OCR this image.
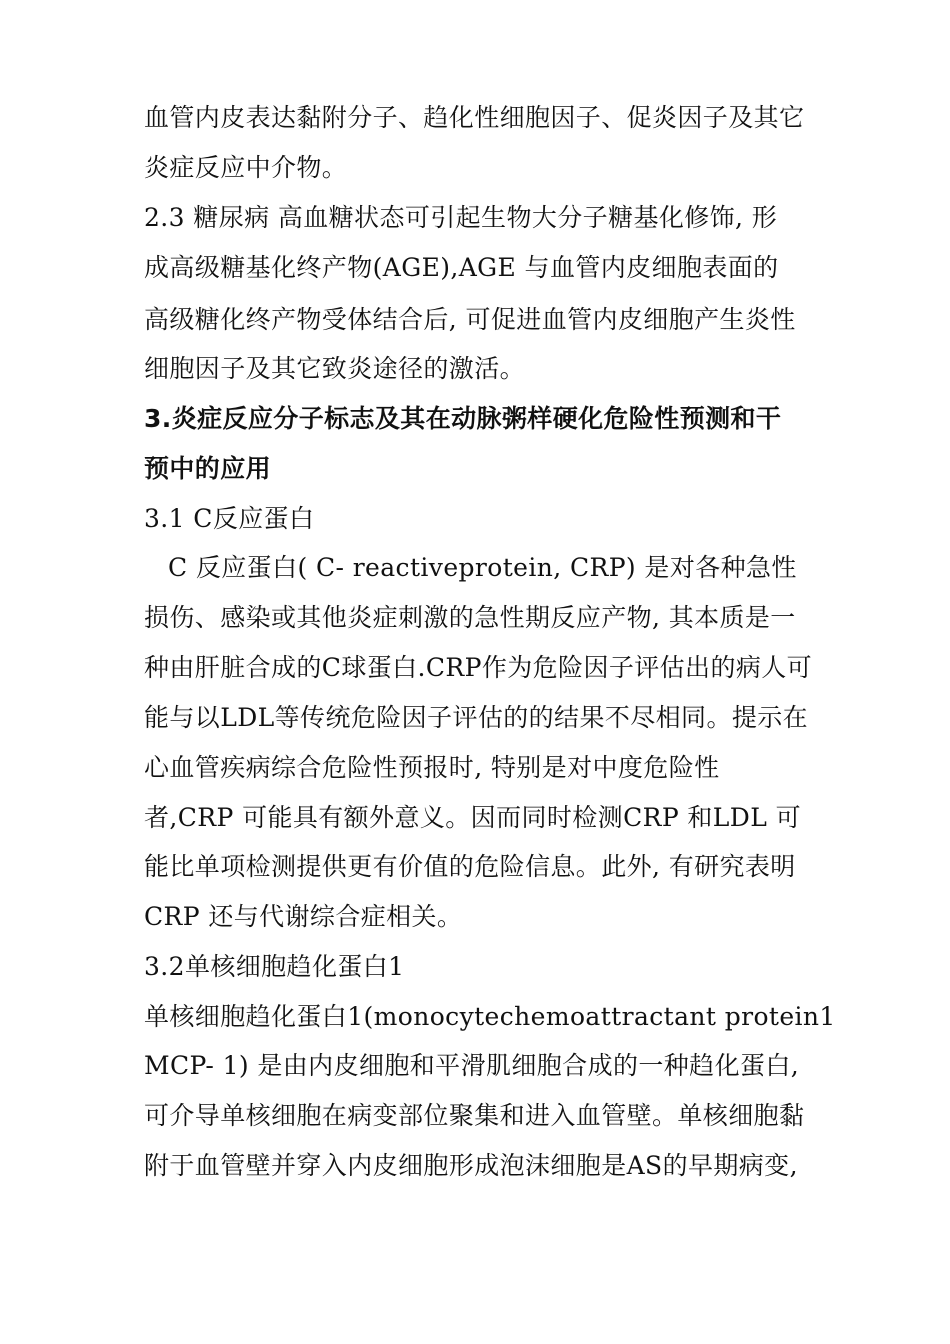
血管内皮表达黏附分子、趋化性细胞因子、促炎因子及其它
炎症反应中介物。
2.3 糖尿病 高血糖状态可引起生物大分子糖基化修饰, 形
成高级糖基化终产物(AGE),AGE 与血管内皮细胞表面的
高级糖化终产物受体结合后, 可促进血管内皮细胞产生炎性
细胞因子及其它致炎途径的激活。
3.炎症反应分子标志及其在动脉粥样硬化危险性预测和干
预中的应用
3.1 C反应蛋白
C 反应蛋白( C- reactiveprotein, CRP) 是对各种急性
损伤、感染或其他炎症刺激的急性期反应产物, 其本质是一
种由肝脏合成的C球蛋白.CRP作为危险因子评估出的病人可
能与以LDL等传统危险因子评估的的结果不尽相同。提示在
心血管疾病综合危险性预报时, 特别是对中度危险性
者,CRP 可能具有额外意义。因而同时检测CRP 和LDL 可
能比单项检测提供更有价值的危险信息。此外, 有研究表明
CRP 还与代谢综合症相关。
3.2单核细胞趋化蛋白1
单核细胞趋化蛋白1(monocytechemoattractant protein1
MCP- 1) 是由内皮细胞和平滑肌细胞合成的一种趋化蛋白,
可介导单核细胞在病变部位聚集和进入血管壁。单核细胞黏
附于血管壁并穿入内皮细胞形成泡沫细胞是AS的早期病变,
